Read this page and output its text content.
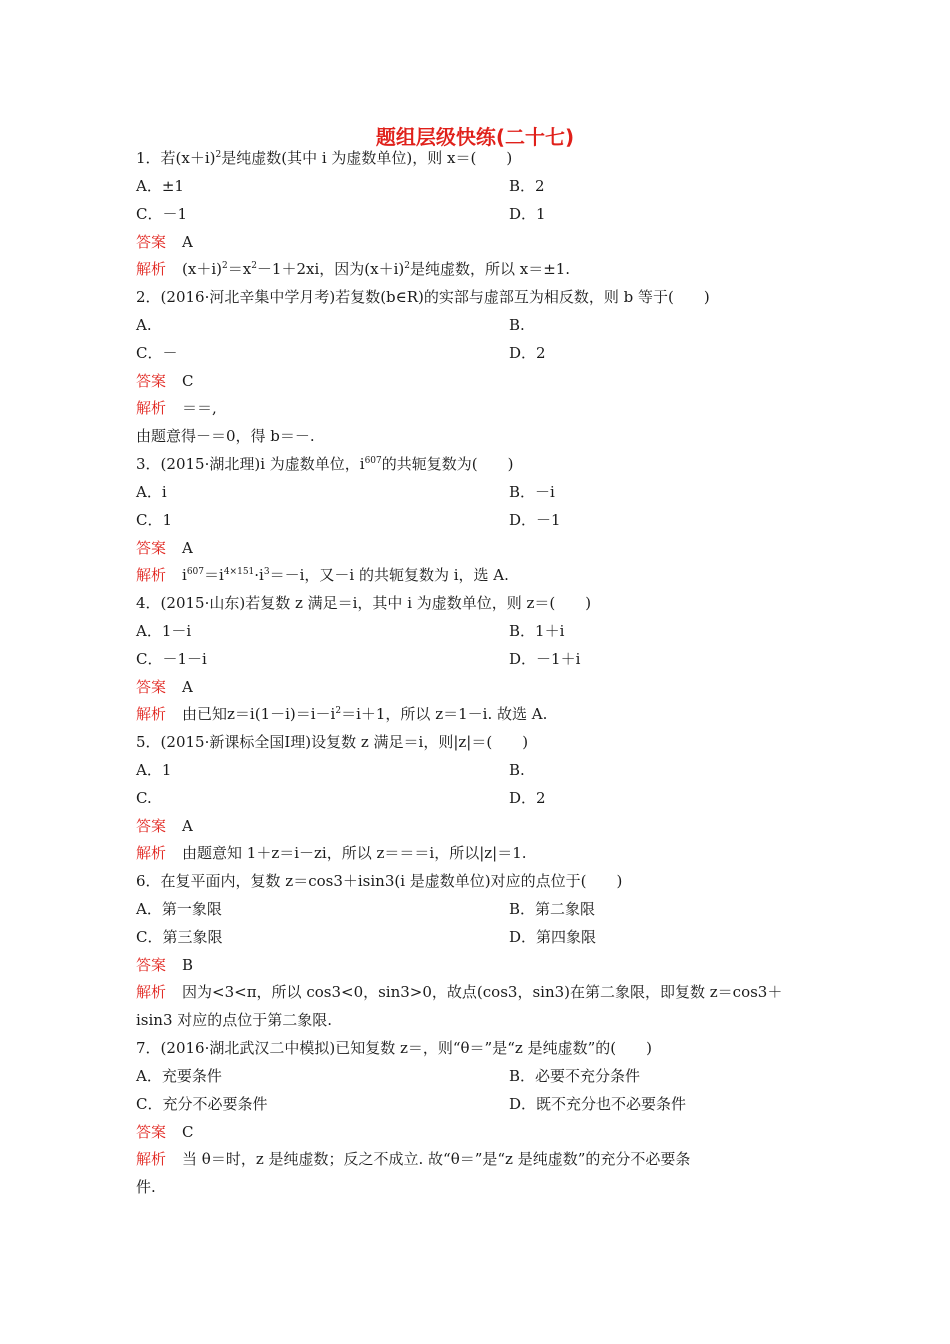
题组层级快练(二十七)
1．若$(x+i)^2$是纯虚数(其中 i 为虚数单位)，则 x＝(　　)
A．±1	B．2
C．－1	D．1
答案 A
解析 $(x+i)^2=x^2-1+2xi$，因为$(x+i)^2$是纯虚数，所以 x＝±1.
2．(2016·河北辛集中学月考)若复数(b∈R)的实部与虚部互为相反数，则 b 等于(　　)
A.	B.
C．－	D．2
答案 C
解析 ＝＝,
由题意得－＝0，得 b＝－.
3．(2015·湖北理)i 为虚数单位，$i^{607}$的共轭复数为(　　)
A．i	B．－i
C．1	D．－1
答案 A
解析 $i^{607}=i^{4\times 151}\cdot i^3=-i$，又－i 的共轭复数为 i，选 A.
4．(2015·山东)若复数 z 满足＝i，其中 i 为虚数单位，则 z＝(　　)
A．1－i	B．1＋i
C．－1－i	D．－1＋i
答案 A
解析 由已知$z=i(1-i)=i-i^2=i+1$，所以 z＝1－i. 故选 A.
5．(2015·新课标全国Ⅰ理)设复数 z 满足＝i，则|z|＝(　　)
A．1	B.
C.	D．2
答案 A
解析 由题意知 1＋z＝i－zi，所以 z＝＝＝i，所以|z|＝1.
6．在复平面内，复数 z＝cos3＋isin3(i 是虚数单位)对应的点位于(　　)
A．第一象限	B．第二象限
C．第三象限	D．第四象限
答案 B
解析 因为<3<π，所以 cos3<0，sin3>0，故点(cos3，sin3)在第二象限，即复数 z＝cos3＋
isin3 对应的点位于第二象限.
7．(2016·湖北武汉二中模拟)已知复数 z＝，则“θ＝”是“z 是纯虚数”的(　　)
A．充要条件	B．必要不充分条件
C．充分不必要条件	D．既不充分也不必要条件
答案 C
解析 当 θ＝时，z 是纯虚数；反之不成立. 故“θ＝”是“z 是纯虚数”的充分不必要条
件.
